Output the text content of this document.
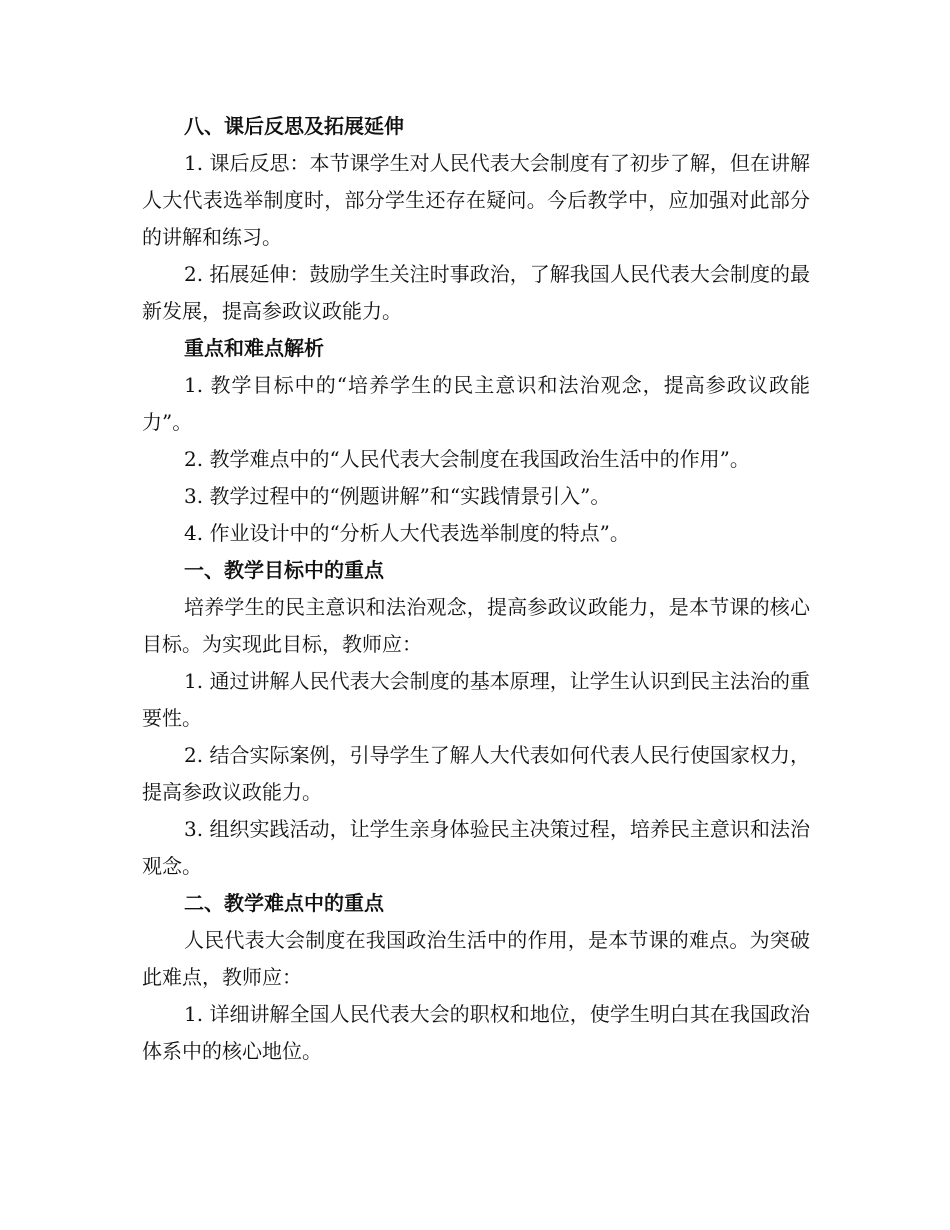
八、课后反思及拓展延伸

1. 课后反思：本节课学生对人民代表大会制度有了初步了解，但在讲解人大代表选举制度时，部分学生还存在疑问。今后教学中，应加强对此部分的讲解和练习。

2. 拓展延伸：鼓励学生关注时事政治，了解我国人民代表大会制度的最新发展，提高参政议政能力。

重点和难点解析

1. 教学目标中的“培养学生的民主意识和法治观念，提高参政议政能力”。

2. 教学难点中的“人民代表大会制度在我国政治生活中的作用”。

3. 教学过程中的“例题讲解”和“实践情景引入”。

4. 作业设计中的“分析人大代表选举制度的特点”。

一、教学目标中的重点

培养学生的民主意识和法治观念，提高参政议政能力，是本节课的核心目标。为实现此目标，教师应：

1. 通过讲解人民代表大会制度的基本原理，让学生认识到民主法治的重要性。

2. 结合实际案例，引导学生了解人大代表如何代表人民行使国家权力，提高参政议政能力。

3. 组织实践活动，让学生亲身体验民主决策过程，培养民主意识和法治观念。

二、教学难点中的重点

人民代表大会制度在我国政治生活中的作用，是本节课的难点。为突破此难点，教师应：

1. 详细讲解全国人民代表大会的职权和地位，使学生明白其在我国政治体系中的核心地位。
